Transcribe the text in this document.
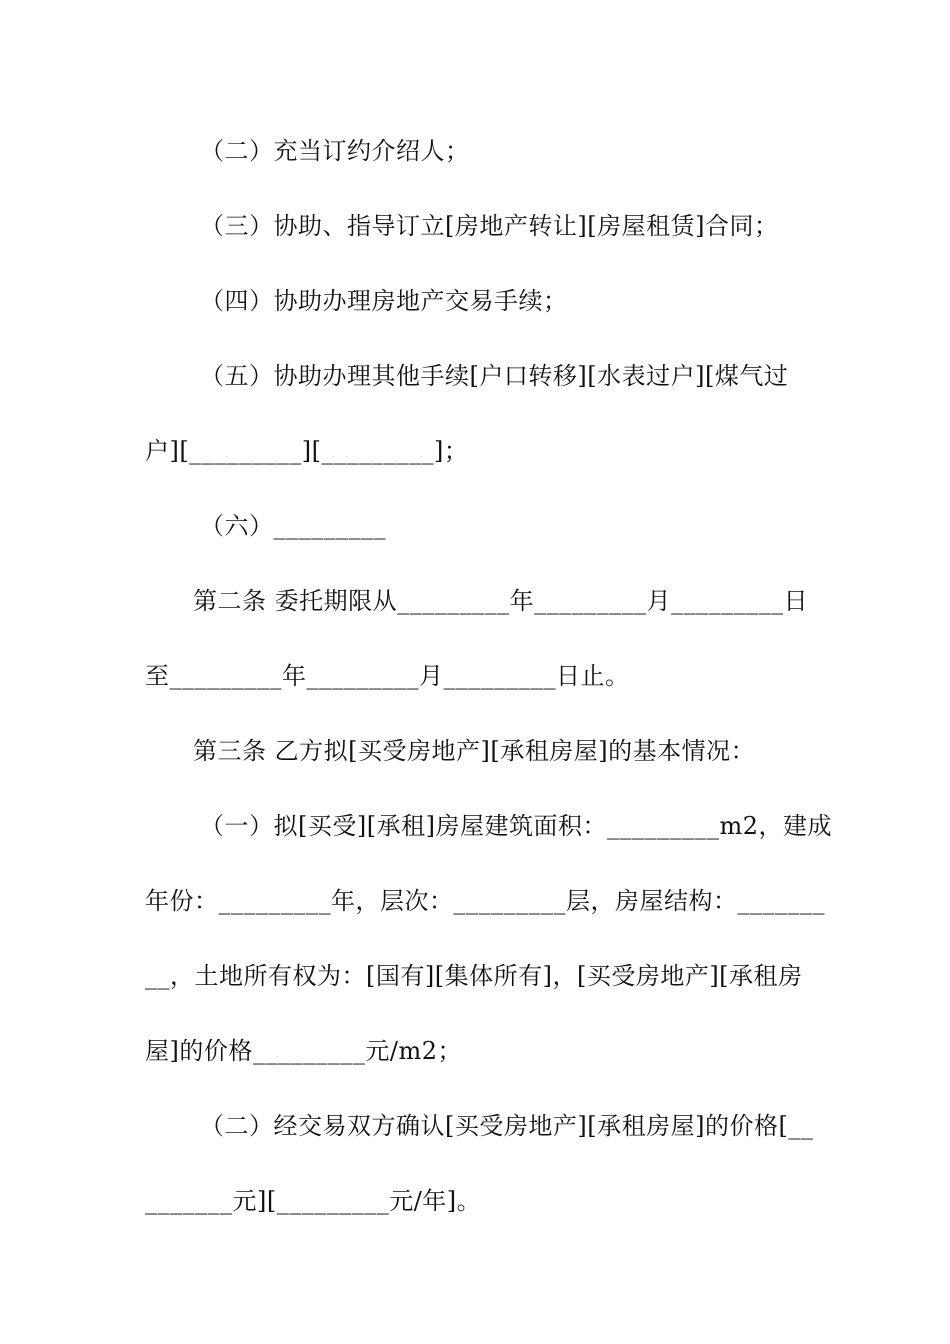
（二）充当订约介绍人；
（三）协助、指导订立[房地产转让][房屋租赁]合同；
（四）协助办理房地产交易手续；
（五）协助办理其他手续[户口转移][水表过户][煤气过
户][_________][_________]；
（六）_________
第二条 委托期限从_________年_________月_________日
至_________年_________月_________日止。
第三条 乙方拟[买受房地产][承租房屋]的基本情况：
（一）拟[买受][承租]房屋建筑面积：_________m2，建成
年份：_________年，层次：_________层，房屋结构：_______
__，土地所有权为：[国有][集体所有]，[买受房地产][承租房
屋]的价格_________元/m2；
（二）经交易双方确认[买受房地产][承租房屋]的价格[__
_______元][_________元/年]。
